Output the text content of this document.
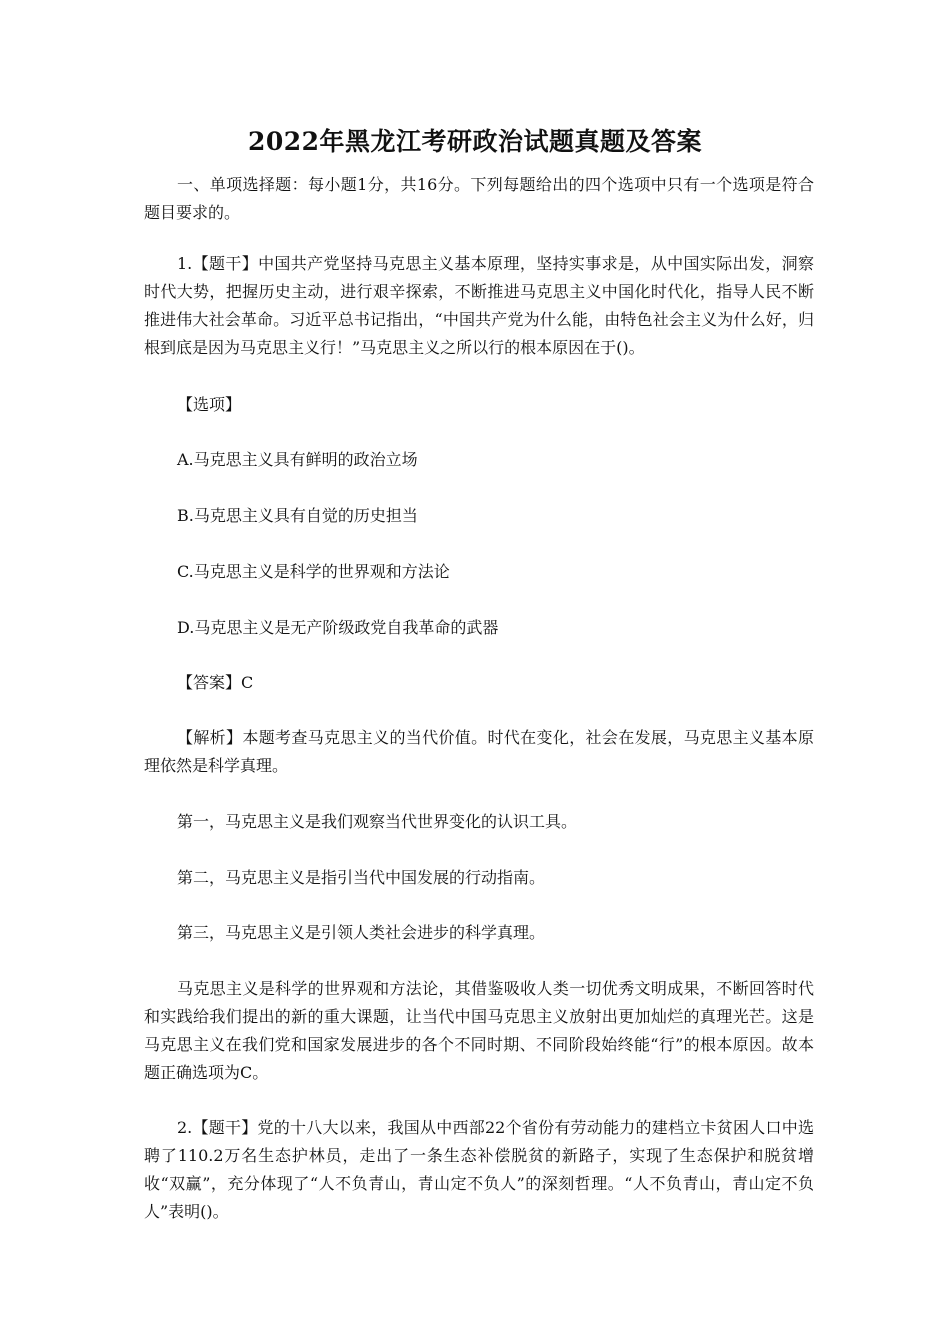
2022年黑龙江考研政治试题真题及答案

一、单项选择题：每小题1分，共16分。下列每题给出的四个选项中只有一个选项是符合题目要求的。

1.【题干】中国共产党坚持马克思主义基本原理，坚持实事求是，从中国实际出发，洞察时代大势，把握历史主动，进行艰辛探索，不断推进马克思主义中国化时代化，指导人民不断推进伟大社会革命。习近平总书记指出，“中国共产党为什么能，由特色社会主义为什么好，归根到底是因为马克思主义行！”马克思主义之所以行的根本原因在于()。

【选项】

A.马克思主义具有鲜明的政治立场

B.马克思主义具有自觉的历史担当

C.马克思主义是科学的世界观和方法论

D.马克思主义是无产阶级政党自我革命的武器

【答案】C

【解析】本题考查马克思主义的当代价值。时代在变化，社会在发展，马克思主义基本原理依然是科学真理。

第一，马克思主义是我们观察当代世界变化的认识工具。

第二，马克思主义是指引当代中国发展的行动指南。

第三，马克思主义是引领人类社会进步的科学真理。

马克思主义是科学的世界观和方法论，其借鉴吸收人类一切优秀文明成果，不断回答时代和实践给我们提出的新的重大课题，让当代中国马克思主义放射出更加灿烂的真理光芒。这是马克思主义在我们党和国家发展进步的各个不同时期、不同阶段始终能“行”的根本原因。故本题正确选项为C。

2.【题干】党的十八大以来，我国从中西部22个省份有劳动能力的建档立卡贫困人口中选聘了110.2万名生态护林员，走出了一条生态补偿脱贫的新路子，实现了生态保护和脱贫增收“双赢”，充分体现了“人不负青山，青山定不负人”的深刻哲理。“人不负青山，青山定不负人”表明()。
